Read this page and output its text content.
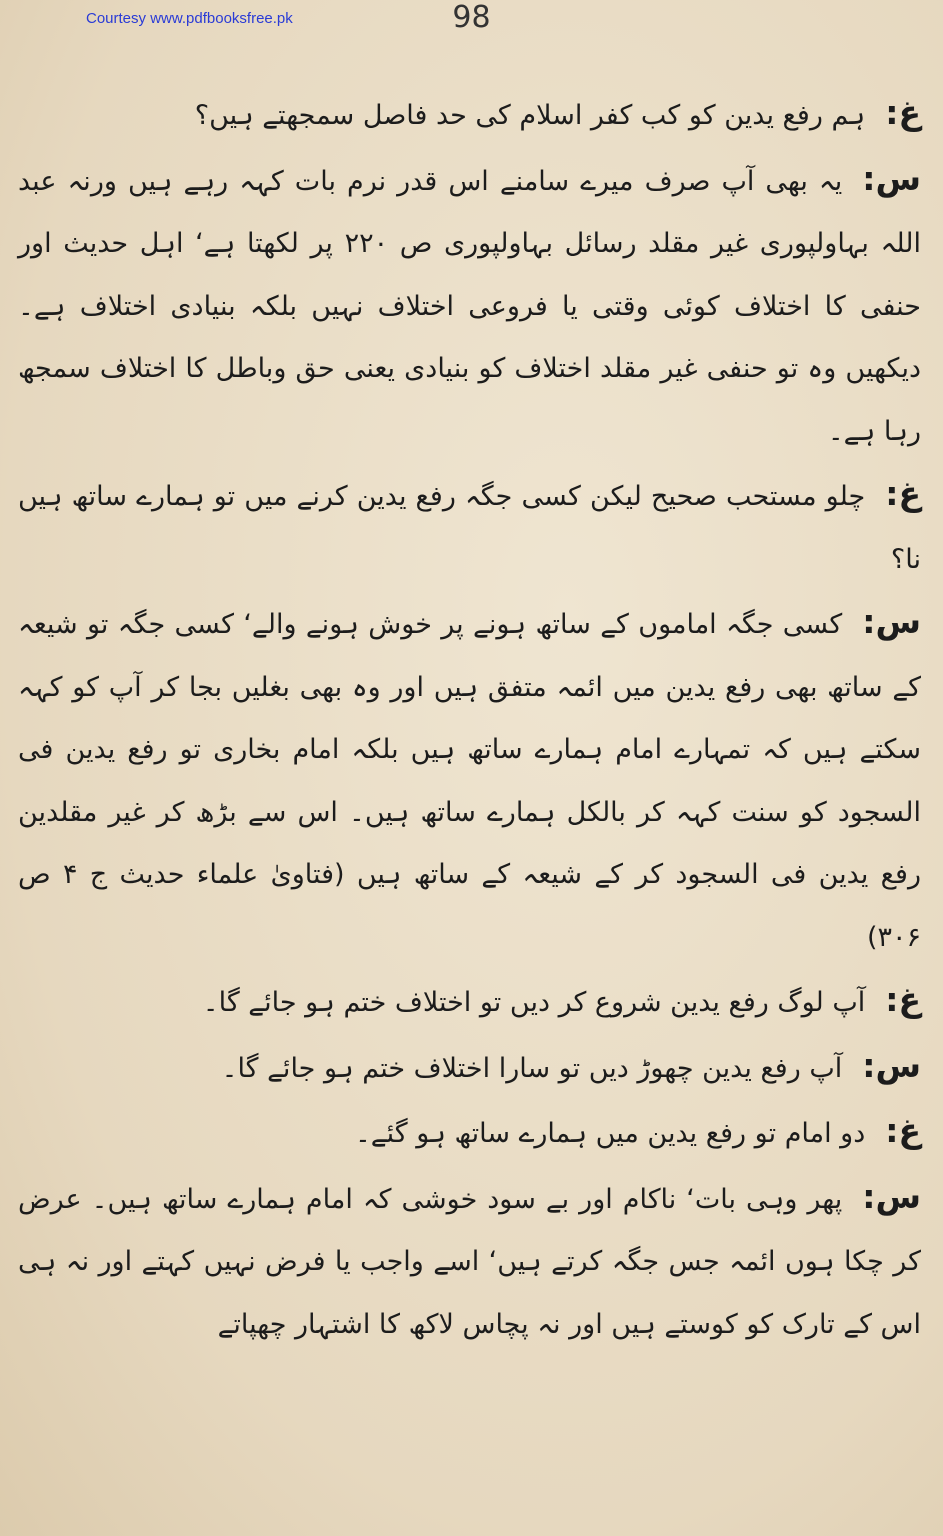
Courtesy www.pdfbooksfree.pk	98

غ:ہم رفع یدین کو کب کفر اسلام کی حد فاصل سمجھتے ہیں؟

س:یہ بھی آپ صرف میرے سامنے اس قدر نرم بات کہہ رہے ہیں ورنہ عبد اللہ بہاولپوری غیر مقلد رسائل بہاولپوری ص ۲۲۰ پر لکھتا ہے‘ اہل حدیث اور حنفی کا اختلاف کوئی وقتی یا فروعی اختلاف نہیں بلکہ بنیادی اختلاف ہے۔ دیکھیں وہ تو حنفی غیر مقلد اختلاف کو بنیادی یعنی حق وباطل کا اختلاف سمجھ رہا ہے۔

غ:چلو مستحب صحیح لیکن کسی جگہ رفع یدین کرنے میں تو ہمارے ساتھ ہیں نا؟

س:کسی جگہ اماموں کے ساتھ ہونے پر خوش ہونے والے‘ کسی جگہ تو شیعہ کے ساتھ بھی رفع یدین میں ائمہ متفق ہیں اور وہ بھی بغلیں بجا کر آپ کو کہہ سکتے ہیں کہ تمہارے امام ہمارے ساتھ ہیں بلکہ امام بخاری تو رفع یدین فی السجود کو سنت کہہ کر بالکل ہمارے ساتھ ہیں۔ اس سے بڑھ کر غیر مقلدین رفع یدین فی السجود کر کے شیعہ کے ساتھ ہیں (فتاویٰ علماء حدیث ج ۴ ص ۳۰۶)

غ:آپ لوگ رفع یدین شروع کر دیں تو اختلاف ختم ہو جائے گا۔

س:آپ رفع یدین چھوڑ دیں تو سارا اختلاف ختم ہو جائے گا۔

غ:دو امام تو رفع یدین میں ہمارے ساتھ ہو گئے۔

س:پھر وہی بات‘ ناکام اور بے سود خوشی کہ امام ہمارے ساتھ ہیں۔ عرض کر چکا ہوں ائمہ جس جگہ کرتے ہیں‘ اسے واجب یا فرض نہیں کہتے اور نہ ہی اس کے تارک کو کوستے ہیں اور نہ پچاس لاکھ کا اشتہار چھپاتے
